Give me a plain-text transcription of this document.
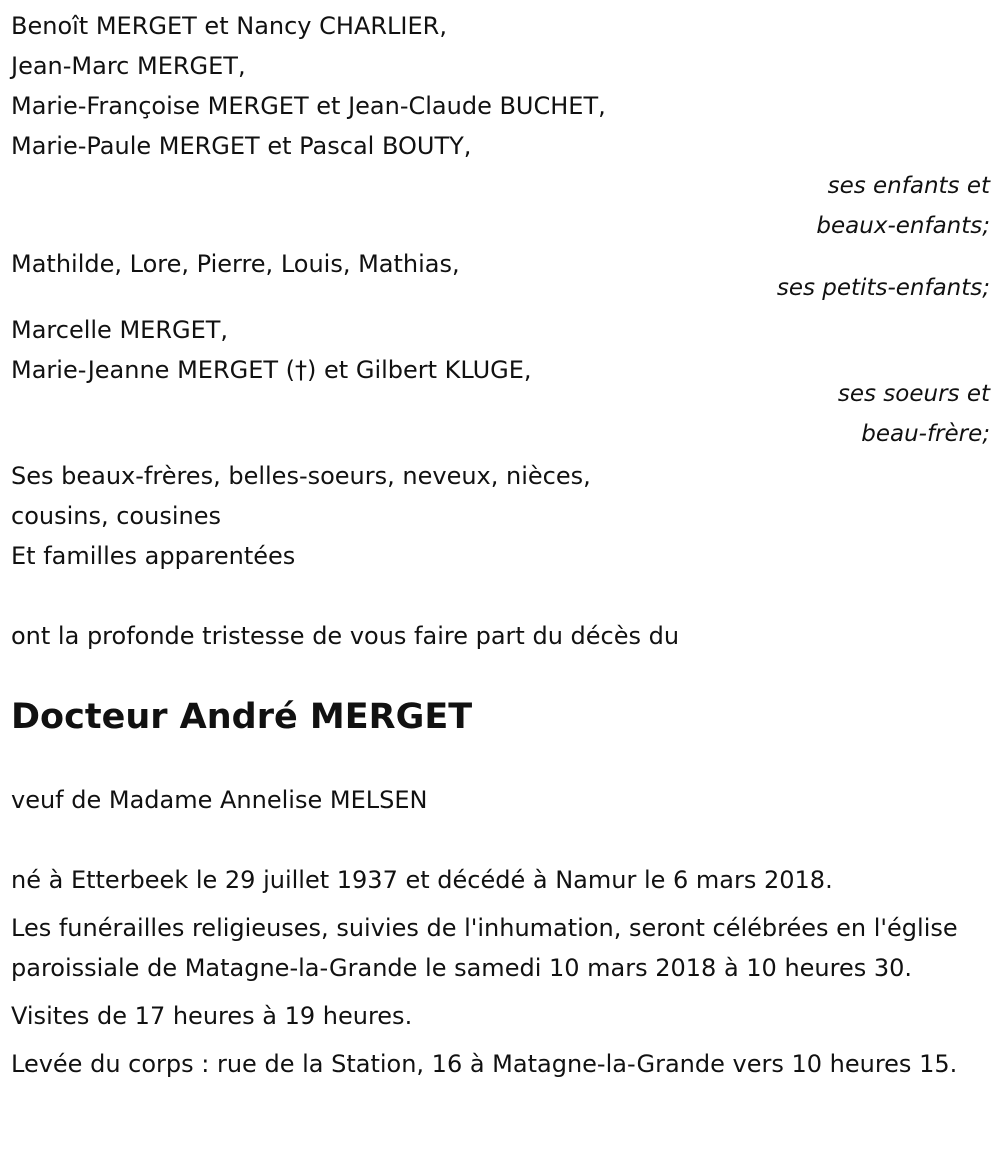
Benoît MERGET et Nancy CHARLIER,

Jean-Marc MERGET,

Marie-Françoise MERGET et Jean-Claude BUCHET,

Marie-Paule MERGET et Pascal BOUTY,

ses enfants et

beaux-enfants;

Mathilde, Lore, Pierre, Louis, Mathias,

ses petits-enfants;

Marcelle MERGET,

Marie-Jeanne MERGET (†) et Gilbert KLUGE,

ses soeurs et

beau-frère;

Ses beaux-frères, belles-soeurs, neveux, nièces,

cousins, cousines

Et familles apparentées

ont la profonde tristesse de vous faire part du décès du

Docteur André MERGET

veuf de Madame Annelise MELSEN

né à Etterbeek le 29 juillet 1937 et décédé à Namur le 6 mars 2018.

Les funérailles religieuses, suivies de l'inhumation, seront célébrées en l'église paroissiale de Matagne-la-Grande le samedi 10 mars 2018 à 10 heures 30.

Visites de 17 heures à 19 heures.

Levée du corps : rue de la Station, 16 à Matagne-la-Grande vers 10 heures 15.
